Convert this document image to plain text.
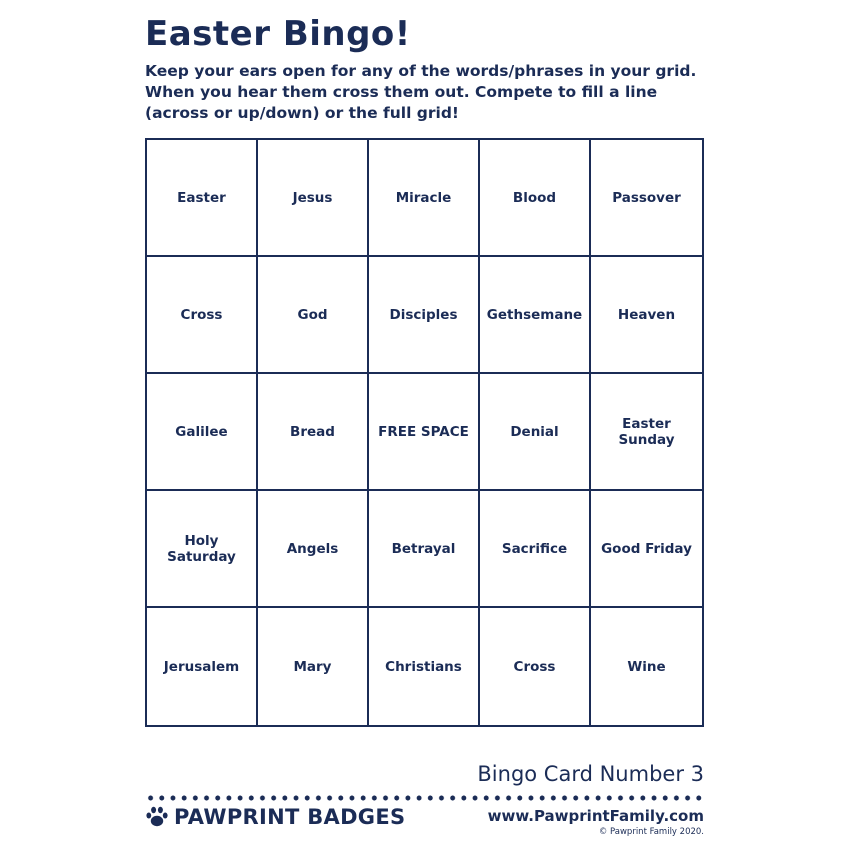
Easter Bingo!

Keep your ears open for any of the words/phrases in your grid. When you hear them cross them out. Compete to fill a line (across or up/down) or the full grid!

Easter	Jesus	Miracle	Blood	Passover
Cross	God	Disciples	Gethsemane	Heaven
Galilee	Bread	FREE SPACE	Denial	Easter Sunday
Holy Saturday	Angels	Betrayal	Sacrifice	Good Friday
Jerusalem	Mary	Christians	Cross	Wine

Bingo Card Number 3

PAWPRINT BADGES	www.PawprintFamily.com

© Pawprint Family 2020.
